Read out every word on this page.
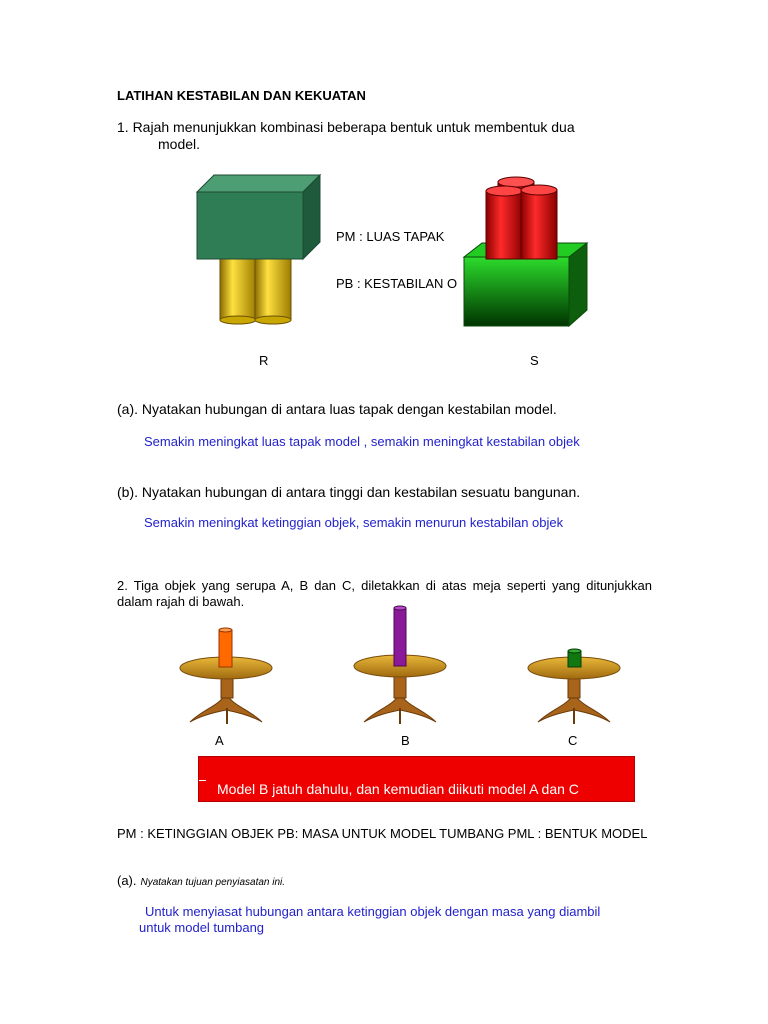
LATIHAN KESTABILAN DAN KEKUATAN
1. Rajah menunjukkan kombinasi beberapa bentuk untuk membentuk dua
model.
PM : LUAS TAPAK
PB : KESTABILAN O
R	S
(a). Nyatakan hubungan di antara luas tapak dengan kestabilan model.
Semakin meningkat luas tapak model , semakin meningkat kestabilan objek
(b). Nyatakan hubungan di antara tinggi dan kestabilan sesuatu bangunan.
Semakin meningkat ketinggian objek, semakin menurun kestabilan objek
2. Tiga objek yang serupa A, B dan C, diletakkan di atas meja seperti yang ditunjukkan dalam rajah di bawah.
A	B	C
Model B jatuh dahulu, dan kemudian diikuti model A dan C
PM : KETINGGIAN OBJEK PB: MASA UNTUK MODEL TUMBANG PML : BENTUK MODEL
(a). Nyatakan tujuan penyiasatan ini.
Untuk menyiasat hubungan antara ketinggian objek dengan masa yang diambil
untuk model tumbang
